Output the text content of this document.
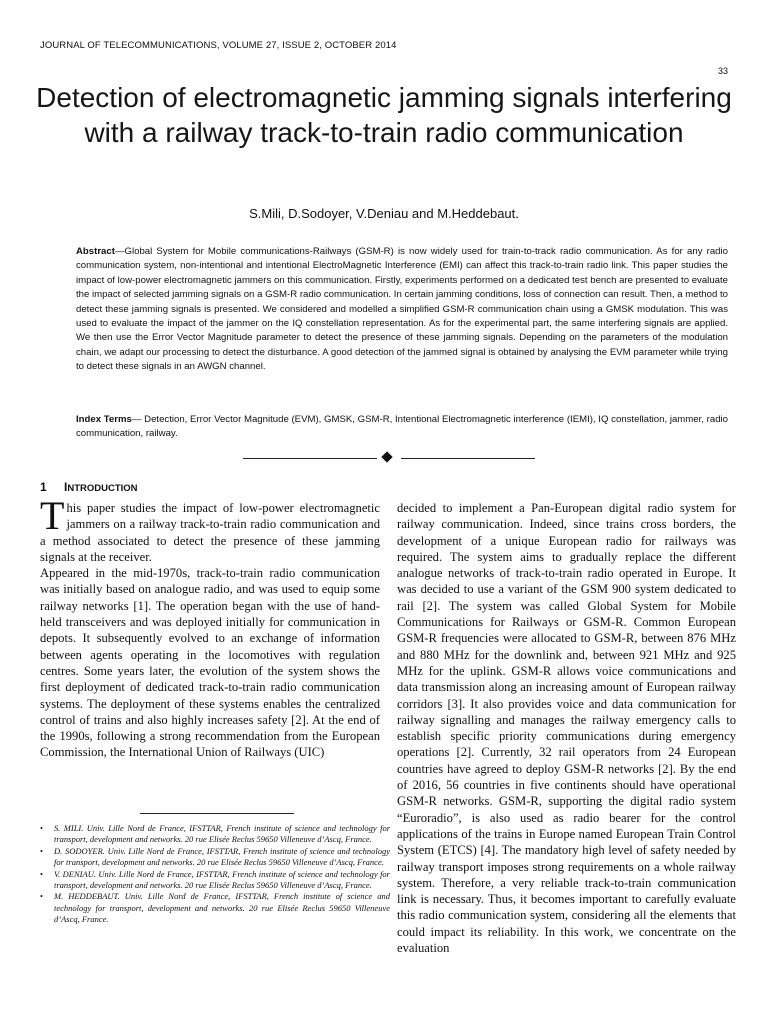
JOURNAL OF TELECOMMUNICATIONS, VOLUME 27, ISSUE 2, OCTOBER 2014
33
Detection of electromagnetic jamming signals interfering with a railway track-to-train radio communication
S.Mili, D.Sodoyer, V.Deniau and M.Heddebaut.
Abstract—Global System for Mobile communications-Railways (GSM-R) is now widely used for train-to-track radio communication. As for any radio communication system, non-intentional and intentional ElectroMagnetic Interference (EMI) can affect this track-to-train radio link. This paper studies the impact of low-power electromagnetic jammers on this communication. Firstly, experiments performed on a dedicated test bench are presented to evaluate the impact of selected jamming signals on a GSM-R radio communication. In certain jamming conditions, loss of connection can result. Then, a method to detect these jamming signals is presented. We considered and modelled a simplified GSM-R communication chain using a GMSK modulation. This was used to evaluate the impact of the jammer on the IQ constellation representation. As for the experimental part, the same interfering signals are applied. We then use the Error Vector Magnitude parameter to detect the presence of these jamming signals. Depending on the parameters of the modulation chain, we adapt our processing to detect the disturbance. A good detection of the jammed signal is obtained by analysing the EVM parameter while trying to detect these signals in an AWGN channel.
Index Terms— Detection, Error Vector Magnitude (EVM), GMSK, GSM-R, Intentional Electromagnetic interference (IEMI), IQ constellation, jammer, radio communication, railway.
1 INTRODUCTION

This paper studies the impact of low-power electromagnetic jammers on a railway track-to-train radio communication and a method associated to detect the presence of these jamming signals at the receiver.

Appeared in the mid-1970s, track-to-train radio communication was initially based on analogue radio, and was used to equip some railway networks [1]. The operation began with the use of hand-held transceivers and was deployed initially for communication in depots. It subsequently evolved to an exchange of information between agents operating in the locomotives with regulation centres. Some years later, the evolution of the system shows the first deployment of dedicated track-to-train radio communication systems. The deployment of these systems enables the centralized control of trains and also highly increases safety [2]. At the end of the 1990s, following a strong recommendation from the European Commission, the International Union of Railways (UIC)

decided to implement a Pan-European digital radio system for railway communication. Indeed, since trains cross borders, the development of a unique European radio for railways was required. The system aims to gradually replace the different analogue networks of track-to-train radio operated in Europe. It was decided to use a variant of the GSM 900 system dedicated to rail [2]. The system was called Global System for Mobile Communications for Railways or GSM-R. Common European GSM-R frequencies were allocated to GSM-R, between 876 MHz and 880 MHz for the downlink and, between 921 MHz and 925 MHz for the uplink. GSM-R allows voice communications and data transmission along an increasing amount of European railway corridors [3]. It also provides voice and data communication for railway signalling and manages the railway emergency calls to establish specific priority communications during emergency operations [2]. Currently, 32 rail operators from 24 European countries have agreed to deploy GSM-R networks [2]. By the end of 2016, 56 countries in five continents should have operational GSM-R networks. GSM-R, supporting the digital radio system “Euroradio”, is also used as radio bearer for the control applications of the trains in Europe named European Train Control System (ETCS) [4]. The mandatory high level of safety needed by railway transport imposes strong requirements on a whole railway system. Therefore, a very reliable track-to-train communication link is necessary. Thus, it becomes important to carefully evaluate this radio communication system, considering all the elements that could impact its reliability. In this work, we concentrate on the evaluation

• S. MILI. Univ. Lille Nord de France, IFSTTAR, French institute of science and technology for transport, development and networks. 20 rue Elisée Reclus 59650 Villeneuve d’Ascq, France.
• D. SODOYER. Univ. Lille Nord de France, IFSTTAR, French institute of science and technology for transport, development and networks. 20 rue Elisée Reclus 59650 Villeneuve d’Ascq, France.
• V. DENIAU. Univ. Lille Nord de France, IFSTTAR, French institute of science and technology for transport, development and networks. 20 rue Elisée Reclus 59650 Villeneuve d’Ascq, France.
• M. HEDDEBAUT. Univ. Lille Nord de France, IFSTTAR, French institute of science and technology for transport, development and networks. 20 rue Elisée Reclus 59650 Villeneuve d’Ascq, France.
